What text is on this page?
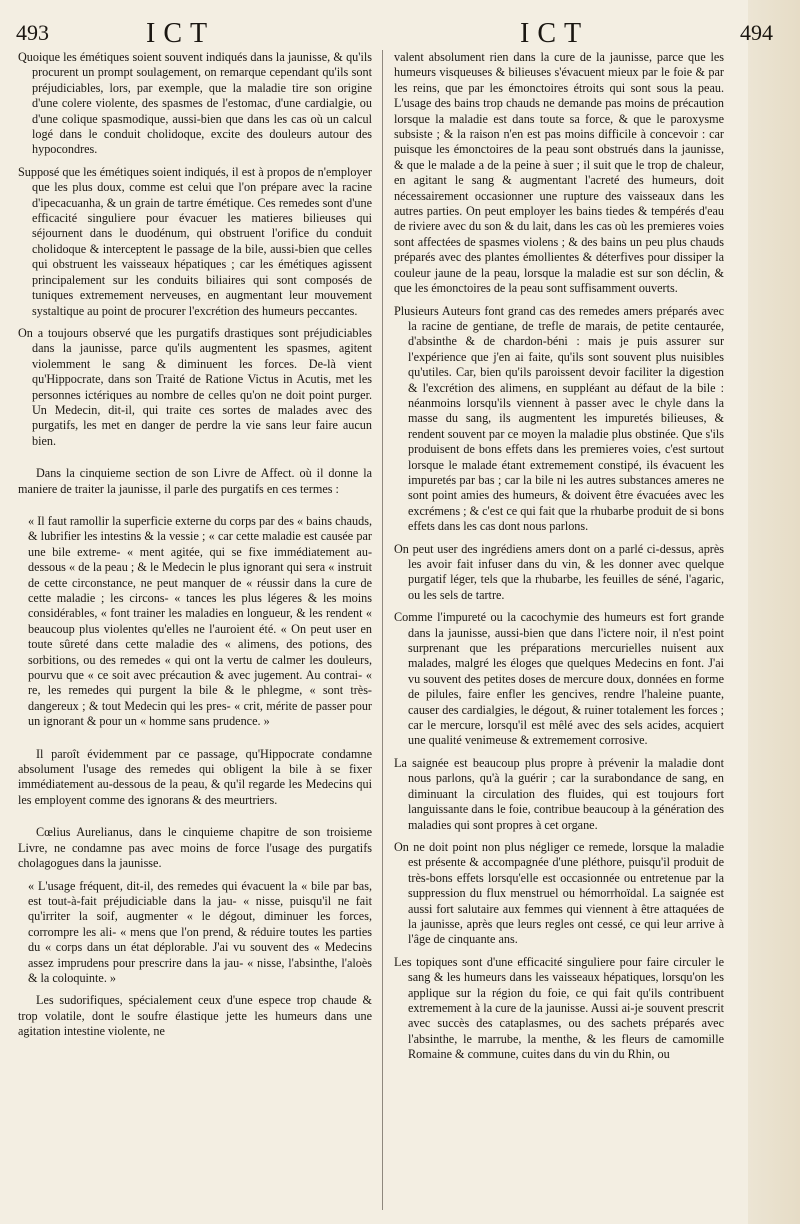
493	ICT	ICT	494

Quoique les émétiques soient souvent indiqués dans la jaunisse, & qu'ils procurent un prompt soulagement, on remarque cependant qu'ils sont préjudiciables, lors, par exemple, que la maladie tire son origine d'une colere violente, des spasmes de l'estomac, d'une cardialgie, ou d'une colique spasmodique, aussi-bien que dans les cas où un calcul logé dans le conduit cholidoque, excite des douleurs autour des hypocondres.

Supposé que les émétiques soient indiqués, il est à propos de n'employer que les plus doux, comme est celui que l'on prépare avec la racine d'ipecacuanha, & un grain de tartre émétique. Ces remedes sont d'une efficacité singuliere pour évacuer les matieres bilieuses qui séjournent dans le duodénum, qui obstruent l'orifice du conduit cholidoque & interceptent le passage de la bile, aussi-bien que celles qui obstruent les vaisseaux hépatiques ; car les émétiques agissent principalement sur les conduits biliaires qui sont composés de tuniques extremement nerveuses, en augmentant leur mouvement systaltique au point de procurer l'excrétion des humeurs peccantes.

On a toujours observé que les purgatifs drastiques sont préjudiciables dans la jaunisse, parce qu'ils augmentent les spasmes, agitent violemment le sang & diminuent les forces. De-là vient qu'Hippocrate, dans son Traité de Ratione Victus in Acutis, met les personnes ictériques au nombre de celles qu'on ne doit point purger. Un Medecin, dit-il, qui traite ces sortes de malades avec des purgatifs, les met en danger de perdre la vie sans leur faire aucun bien.

Dans la cinquieme section de son Livre de Affect. où il donne la maniere de traiter la jaunisse, il parle des purgatifs en ces termes :

« Il faut ramollir la superficie externe du corps par des « bains chauds, & lubrifier les intestins & la vessie ; « car cette maladie est causée par une bile extreme- « ment agitée, qui se fixe immédiatement au-dessous « de la peau ; & le Medecin le plus ignorant qui sera « instruit de cette circonstance, ne peut manquer de « réussir dans la cure de cette maladie ; les circons- « tances les plus légeres & les moins considérables, « font trainer les maladies en longueur, & les rendent « beaucoup plus violentes qu'elles ne l'auroient été. « On peut user en toute sûreté dans cette maladie des « alimens, des potions, des sorbitions, ou des remedes « qui ont la vertu de calmer les douleurs, pourvu que « ce soit avec précaution & avec jugement. Au contrai- « re, les remedes qui purgent la bile & le phlegme, « sont très-dangereux ; & tout Medecin qui les pres- « crit, mérite de passer pour un ignorant & pour un « homme sans prudence. »

Il paroît évidemment par ce passage, qu'Hippocrate condamne absolument l'usage des remedes qui obligent la bile à se fixer immédiatement au-dessous de la peau, & qu'il regarde les Medecins qui les employent comme des ignorans & des meurtriers.

Cœlius Aurelianus, dans le cinquieme chapitre de son troisieme Livre, ne condamne pas avec moins de force l'usage des purgatifs cholagogues dans la jaunisse.

« L'usage fréquent, dit-il, des remedes qui évacuent la « bile par bas, est tout-à-fait préjudiciable dans la jau- « nisse, puisqu'il ne fait qu'irriter la soif, augmenter « le dégout, diminuer les forces, corrompre les ali- « mens que l'on prend, & réduire toutes les parties du « corps dans un état déplorable. J'ai vu souvent des « Medecins assez imprudens pour prescrire dans la jau- « nisse, l'absinthe, l'aloès & la coloquinte. »

Les sudorifiques, spécialement ceux d'une espece trop chaude & trop volatile, dont le soufre élastique jette les humeurs dans une agitation intestine violente, ne

valent absolument rien dans la cure de la jaunisse, parce que les humeurs visqueuses & bilieuses s'évacuent mieux par le foie & par les reins, que par les émonctoires étroits qui sont sous la peau. L'usage des bains trop chauds ne demande pas moins de précaution lorsque la maladie est dans toute sa force, & que le paroxysme subsiste ; & la raison n'en est pas moins difficile à concevoir : car puisque les émonctoires de la peau sont obstrués dans la jaunisse, & que le malade a de la peine à suer ; il suit que le trop de chaleur, en agitant le sang & augmentant l'acreté des humeurs, doit nécessairement occasionner une rupture des vaisseaux dans les autres parties. On peut employer les bains tiedes & tempérés d'eau de riviere avec du son & du lait, dans les cas où les premieres voies sont affectées de spasmes violens ; & des bains un peu plus chauds préparés avec des plantes émollientes & déterfives pour dissiper la couleur jaune de la peau, lorsque la maladie est sur son déclin, & que les émonctoires de la peau sont suffisamment ouverts.

Plusieurs Auteurs font grand cas des remedes amers préparés avec la racine de gentiane, de trefle de marais, de petite centaurée, d'absinthe & de chardon-béni : mais je puis assurer sur l'expérience que j'en ai faite, qu'ils sont souvent plus nuisibles qu'utiles. Car, bien qu'ils paroissent devoir faciliter la digestion & l'excrétion des alimens, en suppléant au défaut de la bile : néanmoins lorsqu'ils viennent à passer avec le chyle dans la masse du sang, ils augmentent les impuretés bilieuses, & rendent souvent par ce moyen la maladie plus obstinée. Que s'ils produisent de bons effets dans les premieres voies, c'est surtout lorsque le malade étant extremement constipé, ils évacuent les impuretés par bas ; car la bile ni les autres substances ameres ne sont point amies des humeurs, & doivent être évacuées avec les excrémens ; & c'est ce qui fait que la rhubarbe produit de si bons effets dans les cas dont nous parlons.

On peut user des ingrédiens amers dont on a parlé ci-dessus, après les avoir fait infuser dans du vin, & les donner avec quelque purgatif léger, tels que la rhubarbe, les feuilles de séné, l'agaric, ou les sels de tartre.

Comme l'impureté ou la cacochymie des humeurs est fort grande dans la jaunisse, aussi-bien que dans l'ictere noir, il n'est point surprenant que les préparations mercurielles nuisent aux malades, malgré les éloges que quelques Medecins en font. J'ai vu souvent des petites doses de mercure doux, données en forme de pilules, faire enfler les gencives, rendre l'haleine puante, causer des cardialgies, le dégout, & ruiner totalement les forces ; car le mercure, lorsqu'il est mêlé avec des sels acides, acquiert une qualité venimeuse & extremement corrosive.

La saignée est beaucoup plus propre à prévenir la maladie dont nous parlons, qu'à la guérir ; car la surabondance de sang, en diminuant la circulation des fluides, qui est toujours fort languissante dans le foie, contribue beaucoup à la génération des maladies qui sont propres à cet organe.

On ne doit point non plus négliger ce remede, lorsque la maladie est présente & accompagnée d'une pléthore, puisqu'il produit de très-bons effets lorsqu'elle est occasionnée ou entretenue par la suppression du flux menstruel ou hémorrhoïdal. La saignée est aussi fort salutaire aux femmes qui viennent à être attaquées de la jaunisse, après que leurs regles ont cessé, ce qui leur arrive à l'âge de cinquante ans.

Les topiques sont d'une efficacité singuliere pour faire circuler le sang & les humeurs dans les vaisseaux hépatiques, lorsqu'on les applique sur la région du foie, ce qui fait qu'ils contribuent extremement à la cure de la jaunisse. Aussi ai-je souvent prescrit avec succès des cataplasmes, ou des sachets préparés avec l'absinthe, le marrube, la menthe, & les fleurs de camomille Romaine & commune, cuites dans du vin du Rhin, ou
